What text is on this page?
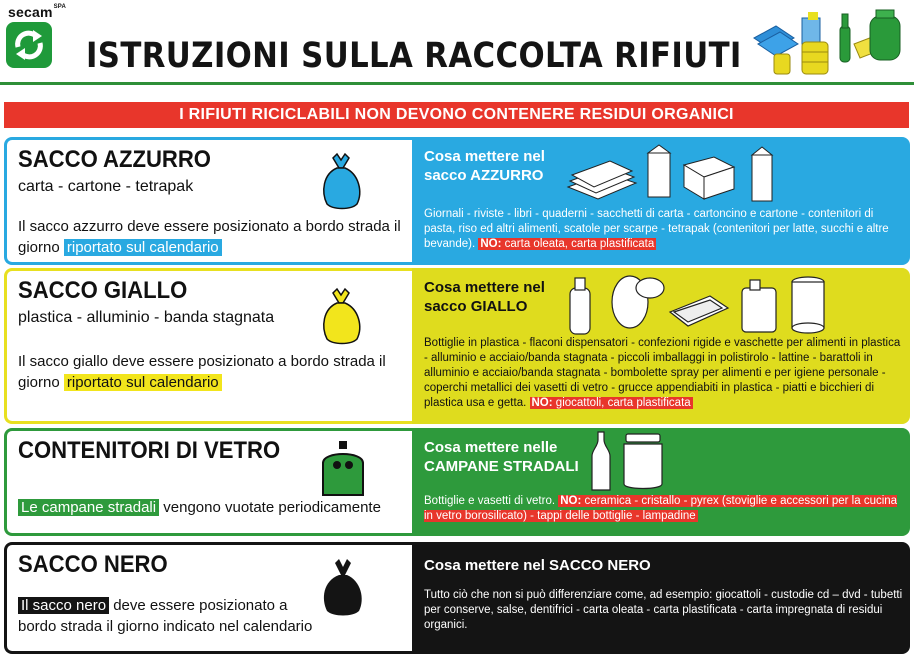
secam$^{SPA}$
ISTRUZIONI SULLA RACCOLTA RIFIUTI
I RIFIUTI RICICLABILI NON DEVONO CONTENERE RESIDUI ORGANICI
SACCO AZZURRO
carta - cartone - tetrapak
Il sacco azzurro deve essere posizionato a bordo strada il giorno riportato sul calendario
Cosa mettere nel
sacco AZZURRO
Giornali - riviste - libri - quaderni - sacchetti di carta - cartoncino e cartone - contenitori di pasta, riso ed altri alimenti, scatole per scarpe - tetrapak (contenitori per latte, succhi e altre bevande). NO: carta oleata, carta plastificata
SACCO GIALLO
plastica - alluminio - banda stagnata
Il sacco giallo deve essere posizionato a bordo strada il giorno riportato sul calendario
Cosa mettere nel
sacco GIALLO
Bottiglie in plastica - flaconi dispensatori - confezioni rigide e vaschette per alimenti in plastica - alluminio e acciaio/banda stagnata - piccoli imballaggi in polistirolo - lattine - barattoli in alluminio e acciaio/banda stagnata - bombolette spray per alimenti e per igiene personale - coperchi metallici dei vasetti di vetro - grucce appendiabiti in plastica - piatti e bicchieri di plastica usa e getta. NO: giocattoli, carta plastificata
CONTENITORI DI VETRO
Le campane stradali vengono vuotate periodicamente
Cosa mettere nelle
CAMPANE STRADALI
Bottiglie e vasetti di vetro. NO: ceramica - cristallo - pyrex (stoviglie e accessori per la cucina in vetro borosilicato) - tappi delle bottiglie - lampadine
SACCO NERO
Il sacco nero deve essere posizionato a bordo strada il giorno indicato nel calendario
Cosa mettere nel SACCO NERO
Tutto ciò che non si può differenziare come, ad esempio: giocattoli - custodie cd – dvd - tubetti per conserve, salse, dentifrici - carta oleata - carta plastificata - carta impregnata di residui organici.
